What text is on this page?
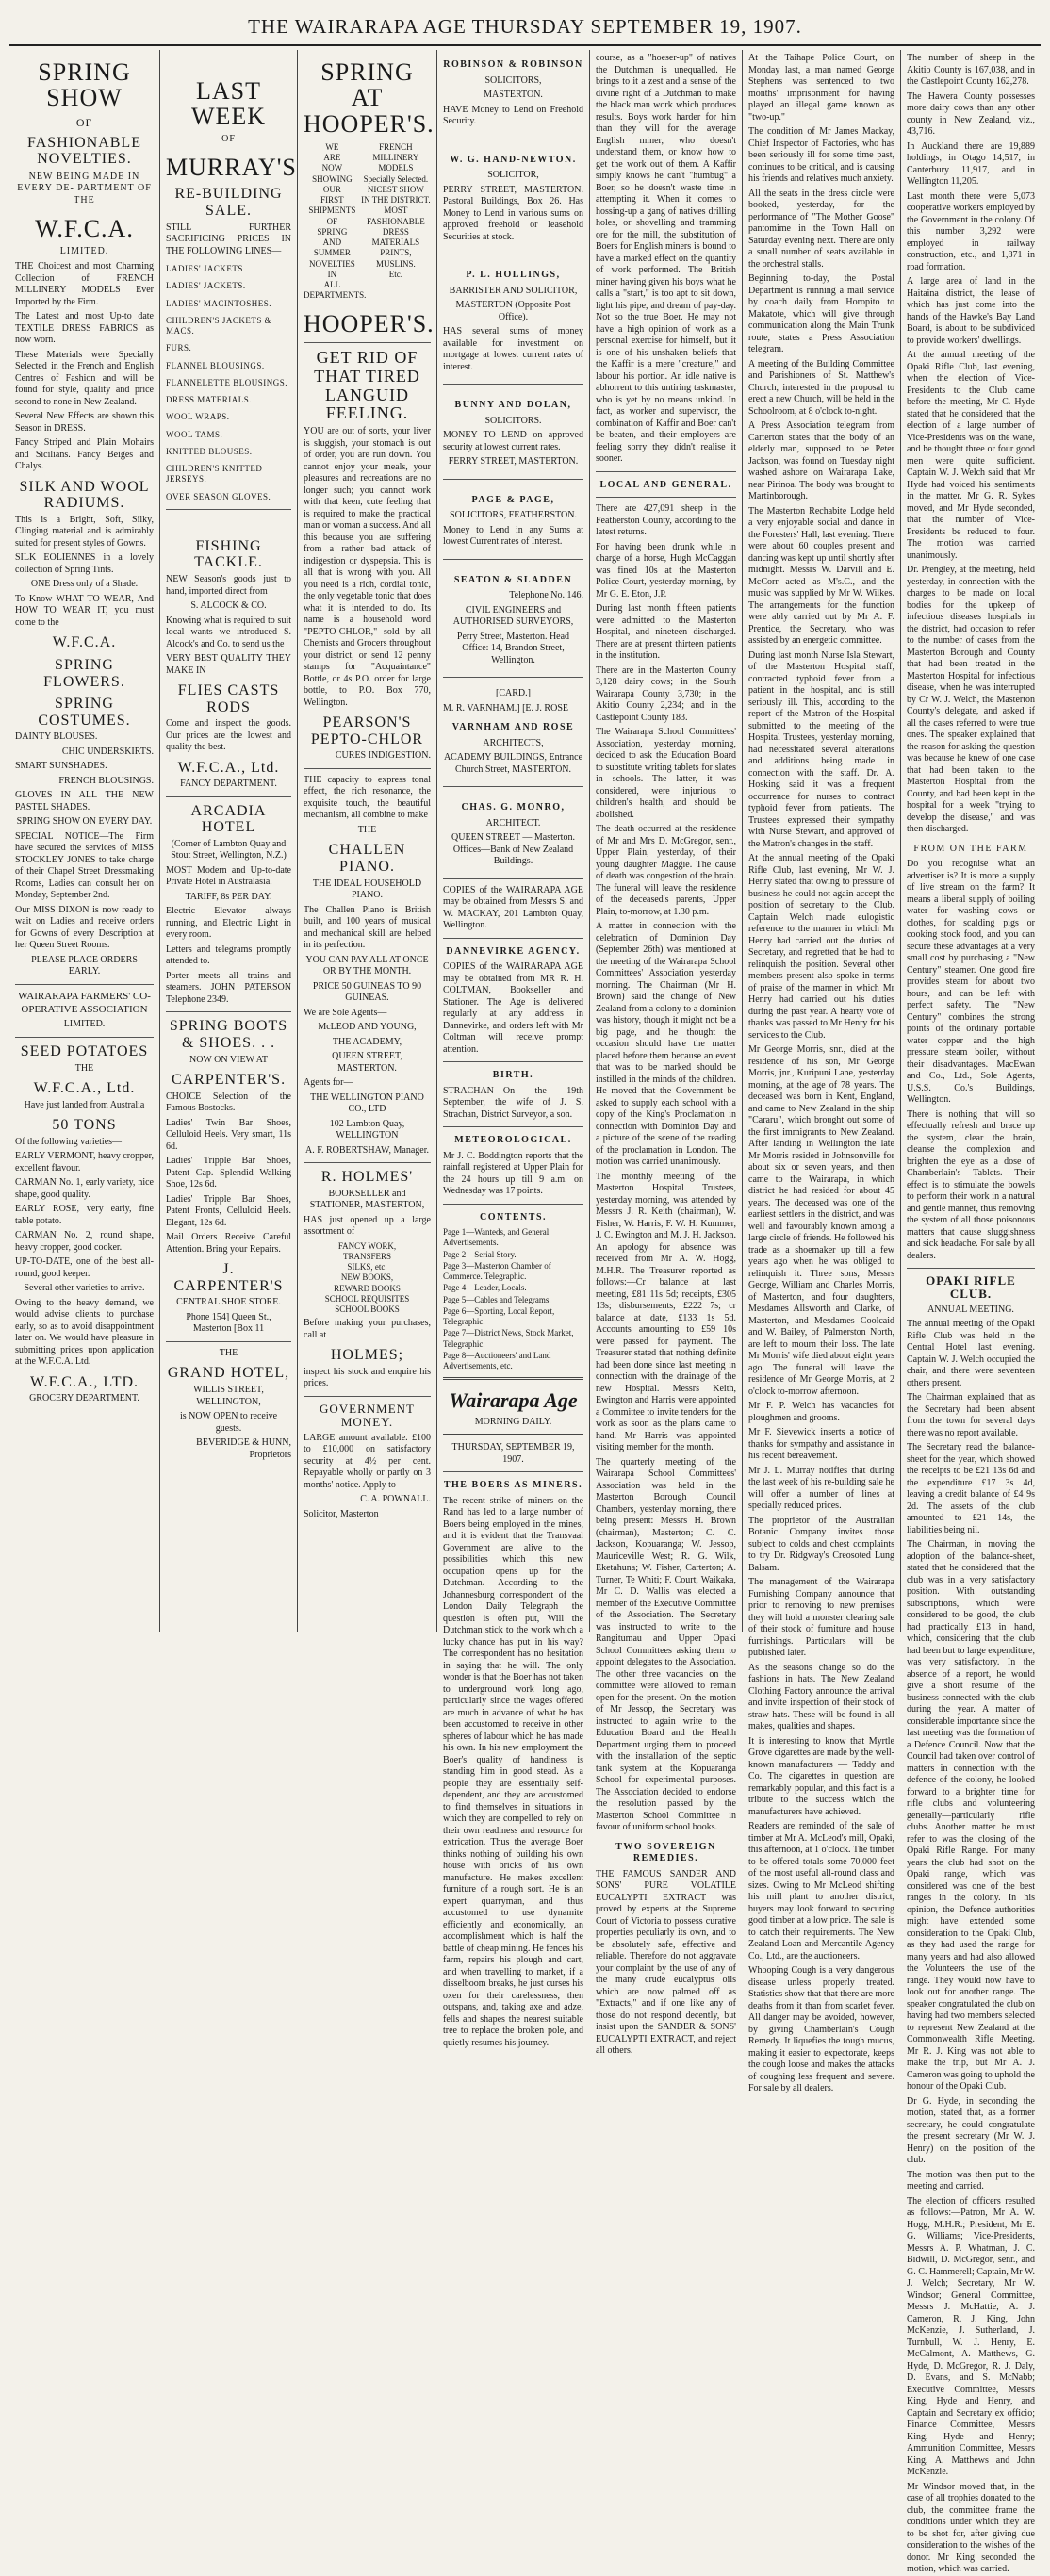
THE WAIRARAPA AGE THURSDAY SEPTEMBER 19, 1907.
SPRING SHOW
OF
FASHIONABLE NOVELTIES.
NEW BEING MADE IN EVERY DE- PARTMENT OF THE
W.F.C.A.
LIMITED.

THE Choicest and most Charming Collection of FRENCH MILLINERY MODELS Ever Imported by the Firm.

The Latest and most Up-to date TEXTILE DRESS FABRICS as now worn.

These Materials were Specially Selected in the French and English Centres of Fashion and will be found for style, quality and price second to none in New Zealand.

Several New Effects are shown this Season in DRESS.

Fancy Striped and Plain Mohairs and Sicilians. Fancy Beiges and Chalys.

SILK AND WOOL RADIUMS.

This is a Bright, Soft, Silky, Clinging material and is admirably suited for present styles of Gowns.

SILK EOLIENNES in a lovely collection of Spring Tints.

ONE Dress only of a Shade.

To Know WHAT TO WEAR, And HOW TO WEAR IT, you must come to the

W.F.C.A.
SPRING FLOWERS.
SPRING COSTUMES.

DAINTY BLOUSES.

CHIC UNDERSKIRTS.

SMART SUNSHADES.

FRENCH BLOUSINGS.

GLOVES IN ALL THE NEW PASTEL SHADES.

SPRING SHOW ON EVERY DAY.

SPECIAL NOTICE—The Firm have secured the services of MISS STOCKLEY JONES to take charge of their Chapel Street Dressmaking Rooms, Ladies can consult her on Monday, September 2nd.

Our MISS DIXON is now ready to wait on Ladies and receive orders for Gowns of every Description at her Queen Street Rooms.

PLEASE PLACE ORDERS EARLY.

WAIRARAPA FARMERS' CO-OPERATIVE ASSOCIATION

LIMITED.

SEED POTATOES

THE

W.F.C.A., Ltd.

Have just landed from Australia

50 TONS

Of the following varieties—

EARLY VERMONT, heavy cropper, excellent flavour.

CARMAN No. 1, early variety, nice shape, good quality.

EARLY ROSE, very early, fine table potato.

CARMAN No. 2, round shape, heavy cropper, good cooker.

UP-TO-DATE, one of the best all-round, good keeper.

Several other varieties to arrive.

Owing to the heavy demand, we would advise clients to purchase early, so as to avoid disappointment later on. We would have pleasure in submitting prices upon application at the W.F.C.A. Ltd.

W.F.C.A., LTD.

GROCERY DEPARTMENT.

LAST WEEK
OF
MURRAY'S
RE-BUILDING SALE.

STILL FURTHER SACRIFICING PRICES IN THE FOLLOWING LINES—

LADIES' JACKETS
LADIES' JACKETS.
LADIES' MACINTOSHES.
CHILDREN'S JACKETS & MACS.
FURS.
FLANNEL BLOUSINGS.
FLANNELETTE BLOUSINGS.
DRESS MATERIALS.
WOOL WRAPS.
WOOL TAMS.
KNITTED BLOUSES.
CHILDREN'S KNITTED JERSEYS.
OVER SEASON GLOVES.
FISHING TACKLE.

NEW Season's goods just to hand, imported direct from

S. ALCOCK & CO.

Knowing what is required to suit local wants we introduced S. Alcock's and Co. to send us the

VERY BEST QUALITY THEY MAKE IN

FLIES CASTS RODS

Come and inspect the goods. Our prices are the lowest and quality the best.

W.F.C.A., Ltd.

FANCY DEPARTMENT.

ARCADIA HOTEL

(Corner of Lambton Quay and Stout Street, Wellington, N.Z.)

MOST Modern and Up-to-date Private Hotel in Australasia.

TARIFF, 8s PER DAY.

Electric Elevator always running, and Electric Light in every room.

Letters and telegrams promptly attended to.

Porter meets all trains and steamers. JOHN PATERSON Telephone 2349.

SPRING BOOTS & SHOES. . .

NOW ON VIEW AT

CARPENTER'S.

CHOICE Selection of the Famous Bostocks.

Ladies' Twin Bar Shoes, Celluloid Heels. Very smart, 11s 6d.

Ladies' Tripple Bar Shoes, Patent Cap. Splendid Walking Shoe, 12s 6d.

Ladies' Tripple Bar Shoes, Patent Fronts, Celluloid Heels. Elegant, 12s 6d.

Mail Orders Receive Careful Attention. Bring your Repairs.

J. CARPENTER'S

CENTRAL SHOE STORE.

Phone 154] Queen St., Masterton [Box 11

THE

GRAND HOTEL,

WILLIS STREET, WELLINGTON,

is NOW OPEN to receive guests.

BEVERIDGE & HUNN, Proprietors

SPRING AT HOOPER'S.
WE
ARE
NOW
SHOWING
OUR
FIRST
SHIPMENTS
OF
SPRING
AND
SUMMER
NOVELTIES
IN
ALL
DEPARTMENTS.
FRENCH
MILLINERY
MODELS
Specially Selected.
NICEST SHOW
IN THE DISTRICT.
MOST
FASHIONABLE
DRESS MATERIALS
PRINTS,
MUSLINS.
Etc.
HOOPER'S.
GET RID OF THAT TIRED LANGUID FEELING.

YOU are out of sorts, your liver is sluggish, your stomach is out of order, you are run down. You cannot enjoy your meals, your pleasures and recreations are no longer such; you cannot work with that keen, cute feeling that is required to make the practical man or woman a success. And all this because you are suffering from a rather bad attack of indigestion or dyspepsia. This is all that is wrong with you. All you need is a rich, cordial tonic, the only vegetable tonic that does what it is intended to do. Its name is a household word "PEPTO-CHLOR," sold by all Chemists and Grocers throughout your district, or send 12 penny stamps for "Acquaintance" Bottle, or 4s P.O. order for large bottle, to P.O. Box 770, Wellington.

PEARSON'S PEPTO-CHLOR

CURES INDIGESTION.

THE capacity to express tonal effect, the rich resonance, the exquisite touch, the beautiful mechanism, all combine to make

THE

CHALLEN PIANO.

THE IDEAL HOUSEHOLD PIANO.

The Challen Piano is British built, and 100 years of musical and mechanical skill are helped in its perfection.

YOU CAN PAY ALL AT ONCE OR BY THE MONTH.

PRICE 50 GUINEAS TO 90 GUINEAS.

We are Sole Agents—

McLEOD AND YOUNG,

THE ACADEMY,

QUEEN STREET, MASTERTON.

Agents for—

THE WELLINGTON PIANO CO., LTD

102 Lambton Quay, WELLINGTON

A. F. ROBERTSHAW, Manager.

R. HOLMES'

BOOKSELLER and STATIONER, MASTERTON,

HAS just opened up a large assortment of

FANCY WORK,
TRANSFERS
SILKS, etc.
NEW BOOKS,
REWARD BOOKS
SCHOOL REQUISITES
SCHOOL BOOKS

Before making your purchases, call at

HOLMES;

inspect his stock and enquire his prices.

GOVERNMENT MONEY.

LARGE amount available. £100 to £10,000 on satisfactory security at 4½ per cent. Repayable wholly or partly on 3 months' notice. Apply to

C. A. POWNALL.

Solicitor, Masterton

ROBINSON & ROBINSON

SOLICITORS,

MASTERTON.

HAVE Money to Lend on Freehold Security.

W. G. HAND-NEWTON.

SOLICITOR,

PERRY STREET, MASTERTON. Pastoral Buildings, Box 26. Has Money to Lend in various sums on approved freehold or leasehold Securities at stock.

P. L. HOLLINGS,

BARRISTER AND SOLICITOR,

MASTERTON (Opposite Post Office).

HAS several sums of money available for investment on mortgage at lowest current rates of interest.

BUNNY AND DOLAN,

SOLICITORS.

MONEY TO LEND on approved security at lowest current rates.

FERRY STREET, MASTERTON.

PAGE & PAGE,

SOLICITORS, FEATHERSTON.

Money to Lend in any Sums at lowest Current rates of Interest.

SEATON & SLADDEN

Telephone No. 146.

CIVIL ENGINEERS and AUTHORISED SURVEYORS,

Perry Street, Masterton. Head Office: 14, Brandon Street, Wellington.

[CARD.]

M. R. VARNHAM.] [E. J. ROSE

VARNHAM AND ROSE

ARCHITECTS,

ACADEMY BUILDINGS, Entrance Church Street, MASTERTON.

CHAS. G. MONRO,

ARCHITECT.

QUEEN STREET — Masterton. Offices—Bank of New Zealand Buildings.

COPIES of the WAIRARAPA AGE may be obtained from Messrs S. and W. MACKAY, 201 Lambton Quay, Wellington.

DANNEVIRKE AGENCY.

COPIES of the WAIRARAPA AGE may be obtained from MR R. H. COLTMAN, Bookseller and Stationer. The Age is delivered regularly at any address in Dannevirke, and orders left with Mr Coltman will receive prompt attention.

BIRTH.

STRACHAN—On the 19th September, the wife of J. S. Strachan, District Surveyor, a son.

METEOROLOGICAL.

Mr J. C. Boddington reports that the rainfall registered at Upper Plain for the 24 hours up till 9 a.m. on Wednesday was 17 points.

CONTENTS.
Page 1—Wanteds, and General Advertisements.
Page 2—Serial Story.
Page 3—Masterton Chamber of Commerce. Telegraphic.
Page 4—Leader, Locals.
Page 5—Cables and Telegrams.
Page 6—Sporting, Local Report, Telegraphic.
Page 7—District News, Stock Market, Telegraphic.
Page 8—Auctioneers' and Land Advertisements, etc.
Wairarapa Age

MORNING DAILY.

THURSDAY, SEPTEMBER 19, 1907.

THE BOERS AS MINERS.

The recent strike of miners on the Rand has led to a large number of Boers being employed in the mines, and it is evident that the Transvaal Government are alive to the possibilities which this new occupation opens up for the Dutchman. According to the Johannesburg correspondent of the London Daily Telegraph the question is often put, Will the Dutchman stick to the work which a lucky chance has put in his way? The correspondent has no hesitation in saying that he will. The only wonder is that the Boer has not taken to underground work long ago, particularly since the wages offered are much in advance of what he has been accustomed to receive in other spheres of labour which he has made his own. In his new employment the Boer's quality of handiness is standing him in good stead. As a people they are essentially self-dependent, and they are accustomed to find themselves in situations in which they are compelled to rely on their own readiness and resource for extrication. Thus the average Boer thinks nothing of building his own house with bricks of his own manufacture. He makes excellent furniture of a rough sort. He is an expert quarryman, and thus accustomed to use dynamite efficiently and economically, an accomplishment which is half the battle of cheap mining. He fences his farm, repairs his plough and cart, and when travelling to market, if a disselboom breaks, he just curses his oxen for their carelessness, then outspans, and, taking axe and adze, fells and shapes the nearest suitable tree to replace the broken pole, and quietly resumes his journey.

course, as a "hoeser-up" of natives the Dutchman is unequalled. He brings to it a zest and a sense of the divine right of a Dutchman to make the black man work which produces results. Boys work harder for him than they will for the average English miner, who doesn't understand them, or know how to get the work out of them. A Kaffir simply knows he can't "humbug" a Boer, so he doesn't waste time in attempting it. When it comes to hossing-up a gang of natives drilling holes, or shovelling and tramming ore for the mill, the substitution of Boers for English miners is bound to have a marked effect on the quantity of work performed. The British miner having given his boys what he calls a "start," is too apt to sit down, light his pipe, and dream of pay-day. Not so the true Boer. He may not have a high opinion of work as a personal exercise for himself, but it is one of his unshaken beliefs that the Kaffir is a mere "creature," and labour his portion. An idle native is abhorrent to this untiring taskmaster, who is yet by no means unkind. In fact, as worker and supervisor, the combination of Kaffir and Boer can't be beaten, and their employers are feeling sorry they didn't realise it sooner.

LOCAL AND GENERAL.

There are 427,091 sheep in the Featherston County, according to the latest returns.

For having been drunk while in charge of a horse, Hugh McCaggan was fined 10s at the Masterton Police Court, yesterday morning, by Mr G. E. Eton, J.P.

During last month fifteen patients were admitted to the Masterton Hospital, and nineteen discharged. There are at present thirteen patients in the institution.

There are in the Masterton County 3,128 dairy cows; in the South Wairarapa County 3,730; in the Akitio County 2,234; and in the Castlepoint County 183.

The Wairarapa School Committees' Association, yesterday morning, decided to ask the Education Board to substitute writing tablets for slates in schools. The latter, it was considered, were injurious to children's health, and should be abolished.

The death occurred at the residence of Mr and Mrs D. McGregor, senr., Upper Plain, yesterday, of their young daughter Maggie. The cause of death was congestion of the brain. The funeral will leave the residence of the deceased's parents, Upper Plain, to-morrow, at 1.30 p.m.

A matter in connection with the celebration of Dominion Day (September 26th) was mentioned at the meeting of the Wairarapa School Committees' Association yesterday morning. The Chairman (Mr H. Brown) said the change of New Zealand from a colony to a dominion was history, though it might not be a big page, and he thought the occasion should have the matter placed before them because an event that was to be marked should be instilled in the minds of the children. He moved that the Government be asked to supply each school with a copy of the King's Proclamation in connection with Dominion Day and a picture of the scene of the reading of the proclamation in London. The motion was carried unanimously.

The monthly meeting of the Masterton Hospital Trustees, yesterday morning, was attended by Messrs J. R. Keith (chairman), W. Fisher, W. Harris, F. W. H. Kummer, J. C. Ewington and M. J. H. Jackson. An apology for absence was received from Mr A. W. Hogg, M.H.R. The Treasurer reported as follows:—Cr balance at last meeting, £81 11s 5d; receipts, £305 13s; disbursements, £222 7s; cr balance at date, £133 1s 5d. Accounts amounting to £59 10s were passed for payment. The Treasurer stated that nothing definite had been done since last meeting in connection with the drainage of the new Hospital. Messrs Keith, Ewington and Harris were appointed a Committee to invite tenders for the work as soon as the plans came to hand. Mr Harris was appointed visiting member for the month.

The quarterly meeting of the Wairarapa School Committees' Association was held in the Masterton Borough Council Chambers, yesterday morning, there being present: Messrs H. Brown (chairman), Masterton; C. C. Jackson, Kopuaranga; W. Jessop, Mauriceville West; R. G. Wilk, Eketahuna; W. Fisher, Carterton; A. Turner, Te Whiti; F. Court, Waikaka, Mr C. D. Wallis was elected a member of the Executive Committee of the Association. The Secretary was instructed to write to the Rangitumau and Upper Opaki School Committees asking them to appoint delegates to the Association. The other three vacancies on the committee were allowed to remain open for the present. On the motion of Mr Jessop, the Secretary was instructed to again write to the Education Board and the Health Department urging them to proceed with the installation of the septic tank system at the Kopuaranga School for experimental purposes. The Association decided to endorse the resolution passed by the Masterton School Committee in favour of uniform school books.

TWO SOVEREIGN REMEDIES.

THE FAMOUS SANDER AND SONS' PURE VOLATILE EUCALYPTI EXTRACT was proved by experts at the Supreme Court of Victoria to possess curative properties peculiarly its own, and to be absolutely safe, effective and reliable. Therefore do not aggravate your complaint by the use of any of the many crude eucalyptus oils which are now palmed off as "Extracts," and if one like any of those do not respond decently, but insist upon the SANDER & SONS' EUCALYPTI EXTRACT, and reject all others.

At the Taihape Police Court, on Monday last, a man named George Stephens was sentenced to two months' imprisonment for having played an illegal game known as "two-up."

The condition of Mr James Mackay, Chief Inspector of Factories, who has been seriously ill for some time past, continues to be critical, and is causing his friends and relatives much anxiety.

All the seats in the dress circle were booked, yesterday, for the performance of "The Mother Goose" pantomime in the Town Hall on Saturday evening next. There are only a small number of seats available in the orchestral stalls.

Beginning to-day, the Postal Department is running a mail service by coach daily from Horopito to Makatote, which will give through communication along the Main Trunk route, states a Press Association telegram.

A meeting of the Building Committee and Parishioners of St. Matthew's Church, interested in the proposal to erect a new Church, will be held in the Schoolroom, at 8 o'clock to-night.

A Press Association telegram from Carterton states that the body of an elderly man, supposed to be Peter Jackson, was found on Tuesday night washed ashore on Wairarapa Lake, near Pirinoa. The body was brought to Martinborough.

The Masterton Rechabite Lodge held a very enjoyable social and dance in the Foresters' Hall, last evening. There were about 60 couples present and dancing was kept up until shortly after midnight. Messrs W. Darvill and E. McCorr acted as M's.C., and the music was supplied by Mr W. Wilkes. The arrangements for the function were ably carried out by Mr A. F. Prentice, the Secretary, who was assisted by an energetic committee.

During last month Nurse Isla Stewart, of the Masterton Hospital staff, contracted typhoid fever from a patient in the hospital, and is still seriously ill. This, according to the report of the Matron of the Hospital submitted to the meeting of the Hospital Trustees, yesterday morning, had necessitated several alterations and additions being made in connection with the staff. Dr. A. Hosking said it was a frequent occurrence for nurses to contract typhoid fever from patients. The Trustees expressed their sympathy with Nurse Stewart, and approved of the Matron's changes in the staff.

At the annual meeting of the Opaki Rifle Club, last evening, Mr W. J. Henry stated that owing to pressure of business he could not again accept the position of secretary to the Club. Captain Welch made eulogistic reference to the manner in which Mr Henry had carried out the duties of Secretary, and regretted that he had to relinquish the position. Several other members present also spoke in terms of praise of the manner in which Mr Henry had carried out his duties during the past year. A hearty vote of thanks was passed to Mr Henry for his services to the Club.

Mr George Morris, snr., died at the residence of his son, Mr George Morris, jnr., Kuripuni Lane, yesterday morning, at the age of 78 years. The deceased was born in Kent, England, and came to New Zealand in the ship "Cararu", which brought out some of the first immigrants to New Zealand. After landing in Wellington the late Mr Morris resided in Johnsonville for about six or seven years, and then came to the Wairarapa, in which district he had resided for about 45 years. The deceased was one of the earliest settlers in the district, and was well and favourably known among a large circle of friends. He followed his trade as a shoemaker up till a few years ago when he was obliged to relinquish it. Three sons, Messrs George, William and Charles Morris, of Masterton, and four daughters, Mesdames Allsworth and Clarke, of Masterton, and Mesdames Coolcaid and W. Bailey, of Palmerston North, are left to mourn their loss. The late Mr Morris' wife died about eight years ago. The funeral will leave the residence of Mr George Morris, at 2 o'clock to-morrow afternoon.

Mr F. P. Welch has vacancies for ploughmen and grooms.

Mr F. Sievewick inserts a notice of thanks for sympathy and assistance in his recent bereavement.

Mr J. L. Murray notifies that during the last week of his re-building sale he will offer a number of lines at specially reduced prices.

The proprietor of the Australian Botanic Company invites those subject to colds and chest complaints to try Dr. Ridgway's Creosoted Lung Balsam.

The management of the Wairarapa Furnishing Company announce that prior to removing to new premises they will hold a monster clearing sale of their stock of furniture and house furnishings. Particulars will be published later.

As the seasons change so do the fashions in hats. The New Zealand Clothing Factory announce the arrival and invite inspection of their stock of straw hats. These will be found in all makes, qualities and shapes.

It is interesting to know that Myrtle Grove cigarettes are made by the well-known manufacturers — Taddy and Co. The cigarettes in question are remarkably popular, and this fact is a tribute to the success which the manufacturers have achieved.

Readers are reminded of the sale of timber at Mr A. McLeod's mill, Opaki, this afternoon, at 1 o'clock. The timber to be offered totals some 70,000 feet of the most useful all-round class and sizes. Owing to Mr McLeod shifting his mill plant to another district, buyers may look forward to securing good timber at a low price. The sale is to catch their requirements. The New Zealand Loan and Mercantile Agency Co., Ltd., are the auctioneers.

Whooping Cough is a very dangerous disease unless properly treated. Statistics show that that there are more deaths from it than from scarlet fever. All danger may be avoided, however, by giving Chamberlain's Cough Remedy. It liquefies the tough mucus, making it easier to expectorate, keeps the cough loose and makes the attacks of coughing less frequent and severe. For sale by all dealers.

The number of sheep in the Akitio County is 167,038, and in the Castlepoint County 162,278.

The Hawera County possesses more dairy cows than any other county in New Zealand, viz., 43,716.

In Auckland there are 19,889 holdings, in Otago 14,517, in Canterbury 11,917, and in Wellington 11,205.

Last month there were 5,073 cooperative workers employed by the Government in the colony. Of this number 3,292 were employed in railway construction, etc., and 1,871 in road formation.

A large area of land in the Haitaina district, the lease of which has just come into the hands of the Hawke's Bay Land Board, is about to be subdivided to provide workers' dwellings.

At the annual meeting of the Opaki Rifle Club, last evening, when the election of Vice-Presidents to the Club came before the meeting, Mr C. Hyde stated that he considered that the election of a large number of Vice-Presidents was on the wane, and he thought three or four good men were quite sufficient. Captain W. J. Welch said that Mr Hyde had voiced his sentiments in the matter. Mr G. R. Sykes moved, and Mr Hyde seconded, that the number of Vice-Presidents be reduced to four. The motion was carried unanimously.

Dr. Prengley, at the meeting, held yesterday, in connection with the charges to be made on local bodies for the upkeep of infectious diseases hospitals in the district, had occasion to refer to the number of cases from the Masterton Borough and County that had been treated in the Masterton Hospital for infectious disease, when he was interrupted by Cr W. J. Welch, the Masterton County's delegate, and asked if all the cases referred to were true ones. The speaker explained that the reason for asking the question was because he knew of one case that had been taken to the Masterton Hospital from the County, and had been kept in the hospital for a week "trying to develop the disease," and was then discharged.

FROM ON THE FARM

Do you recognise what an advertiser is? It is more a supply of live stream on the farm? It means a liberal supply of boiling water for washing cows or clothes, for scalding pigs or cooking stock food, and you can secure these advantages at a very small cost by purchasing a "New Century" steamer. One good fire provides steam for about two hours, and can be left with perfect safety. The "New Century" combines the strong points of the ordinary portable water copper and the high pressure steam boiler, without their disadvantages. MacEwan and Co., Ltd., Sole Agents, U.S.S. Co.'s Buildings, Wellington.

There is nothing that will so effectually refresh and brace up the system, clear the brain, cleanse the complexion and brighten the eye as a dose of Chamberlain's Tablets. Their effect is to stimulate the bowels to perform their work in a natural and gentle manner, thus removing the system of all those poisonous matters that cause sluggishness and sick headache. For sale by all dealers.

OPAKI RIFLE CLUB.

ANNUAL MEETING.

The annual meeting of the Opaki Rifle Club was held in the Central Hotel last evening. Captain W. J. Welch occupied the chair, and there were seventeen others present.

The Chairman explained that as the Secretary had been absent from the town for several days there was no report available.

The Secretary read the balance-sheet for the year, which showed the receipts to be £21 13s 6d and the expenditure £17 3s 4d, leaving a credit balance of £4 9s 2d. The assets of the club amounted to £21 14s, the liabilities being nil.

The Chairman, in moving the adoption of the balance-sheet, stated that he considered that the club was in a very satisfactory position. With outstanding subscriptions, which were considered to be good, the club had practically £13 in hand, which, considering that the club had been but to large expenditure, was very satisfactory. In the absence of a report, he would give a short resume of the business connected with the club during the year. A matter of considerable importance since the last meeting was the formation of a Defence Council. Now that the Council had taken over control of matters in connection with the defence of the colony, he looked forward to a brighter time for rifle clubs and volunteering generally—particularly rifle clubs. Another matter he must refer to was the closing of the Opaki Rifle Range. For many years the club had shot on the Opaki range, which was considered was one of the best ranges in the colony. In his opinion, the Defence authorities might have extended some consideration to the Opaki Club, as they had used the range for many years and had also allowed the Volunteers the use of the range. They would now have to look out for another range. The speaker congratulated the club on having had two members selected to represent New Zealand at the Commonwealth Rifle Meeting. Mr R. J. King was not able to make the trip, but Mr A. J. Cameron was going to uphold the honour of the Opaki Club.

Dr G. Hyde, in seconding the motion, stated that, as a former secretary, he could congratulate the present secretary (Mr W. J. Henry) on the position of the club.

The motion was then put to the meeting and carried.

The election of officers resulted as follows:—Patron, Mr A. W. Hogg, M.H.R.; President, Mr E. G. Williams; Vice-Presidents, Messrs A. P. Whatman, J. C. Bidwill, D. McGregor, senr., and G. C. Hammerell; Captain, Mr W. J. Welch; Secretary, Mr W. Windsor; General Committee, Messrs J. McHattie, A. J. Cameron, R. J. King, John McKenzie, J. Sutherland, J. Turnbull, W. J. Henry, E. McCalmont, A. Matthews, G. Hyde, D. McGregor, R. J. Daly, D. Evans, and S. McNabb; Executive Committee, Messrs King, Hyde and Henry, and Captain and Secretary ex officio; Finance Committee, Messrs King, Hyde and Henry; Ammunition Committee, Messrs King, A. Matthews and John McKenzie.

Mr Windsor moved that, in the case of all trophies donated to the club, the committee frame the conditions under which they are to be shot for, after giving due consideration to the wishes of the donor. Mr King seconded the motion, which was carried.
